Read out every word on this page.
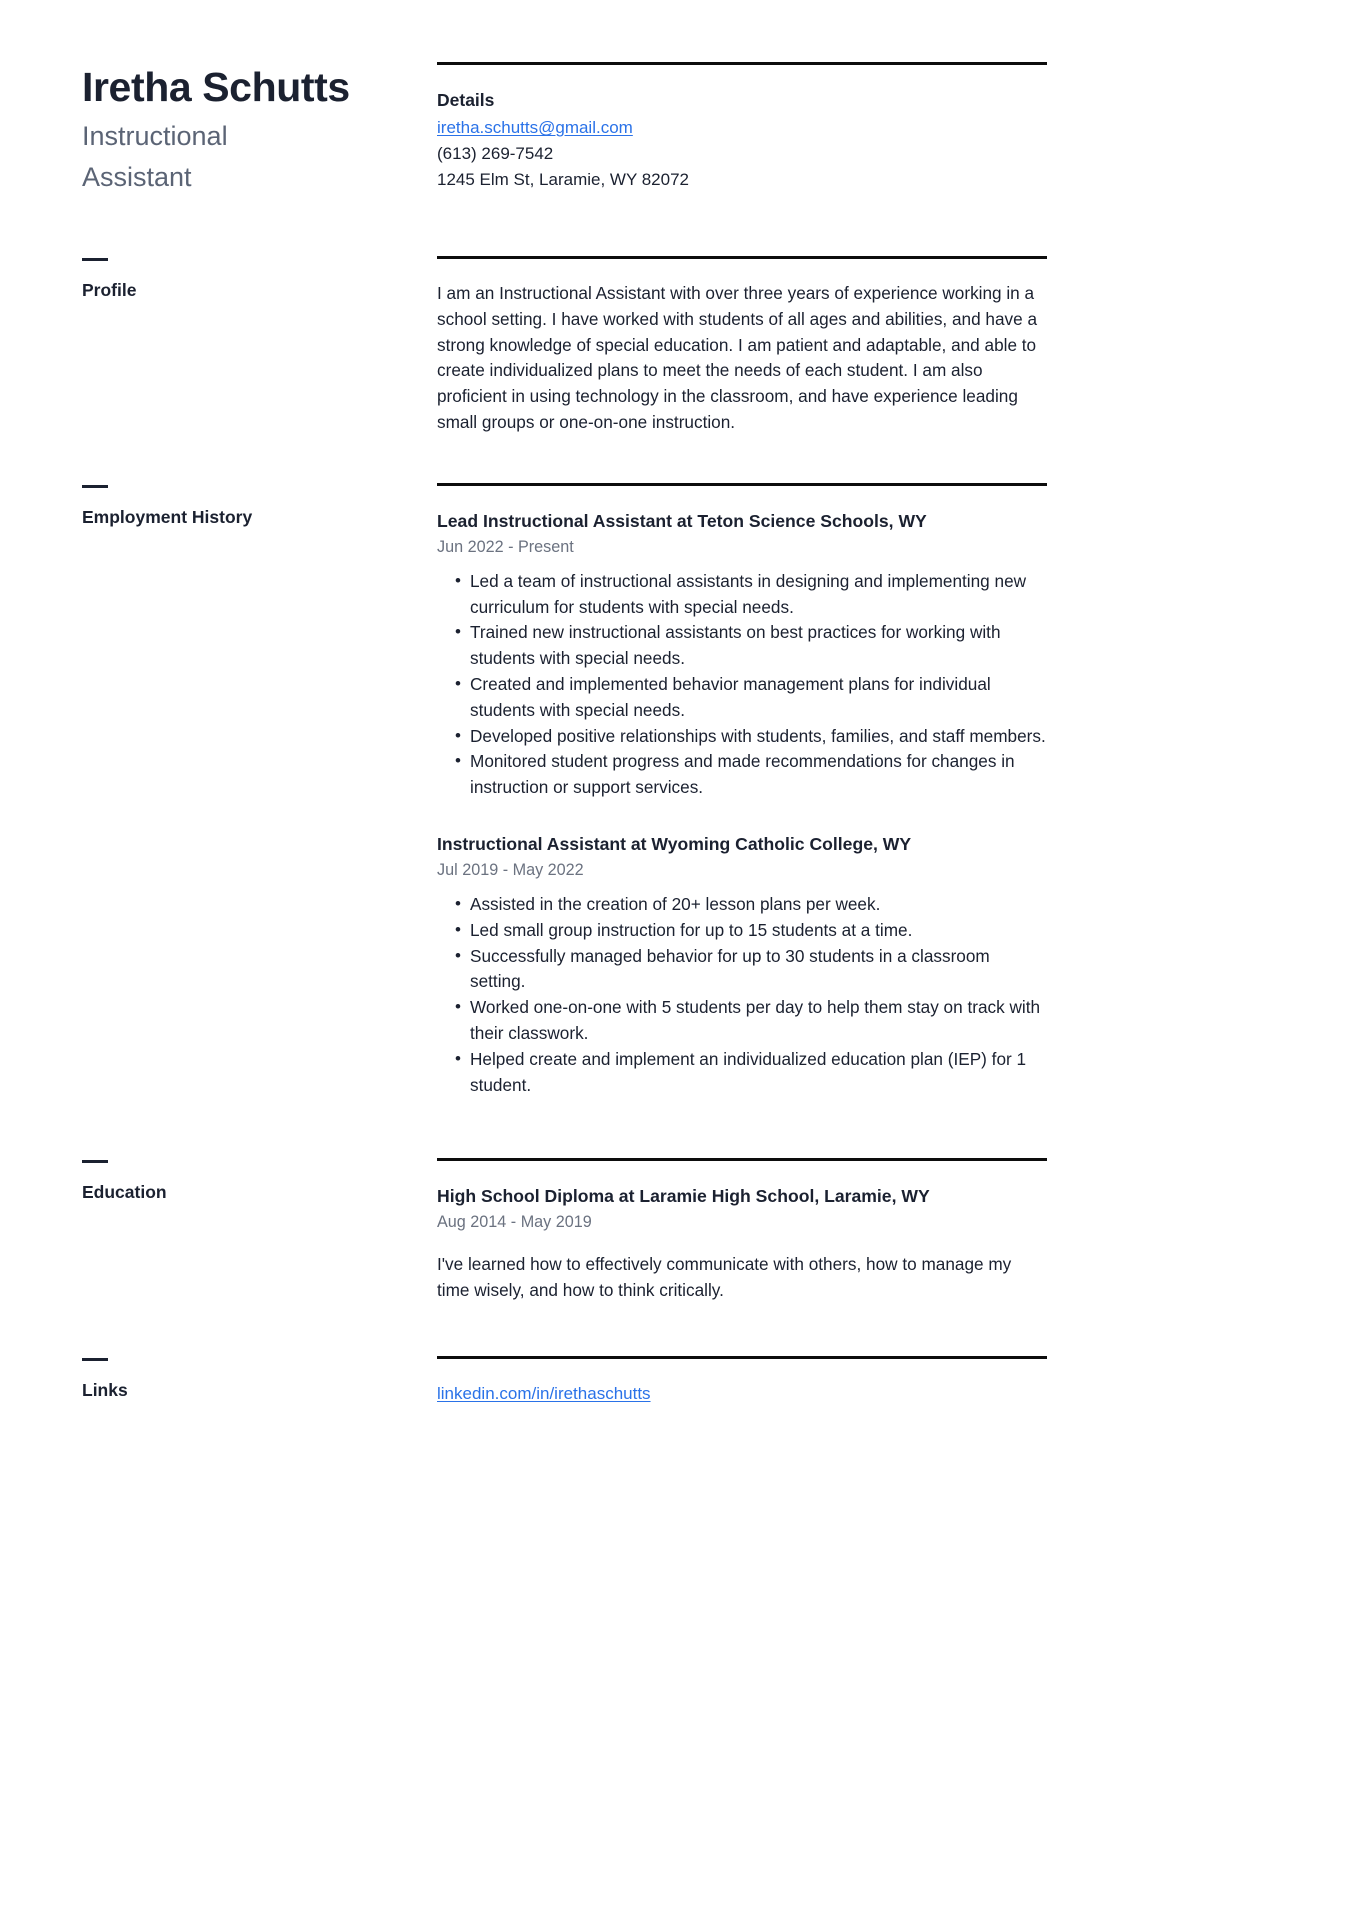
Iretha Schutts
Instructional Assistant
Details
iretha.schutts@gmail.com
(613) 269-7542
1245 Elm St, Laramie, WY 82072
Profile	I am an Instructional Assistant with over three years of experience working in a school setting. I have worked with students of all ages and abilities, and have a strong knowledge of special education. I am patient and adaptable, and able to create individualized plans to meet the needs of each student. I am also proficient in using technology in the classroom, and have experience leading small groups or one-on-one instruction.

Employment History	Lead Instructional Assistant at Teton Science Schools, WY
Jun 2022 - Present
• Led a team of instructional assistants in designing and implementing new curriculum for students with special needs.
• Trained new instructional assistants on best practices for working with students with special needs.
• Created and implemented behavior management plans for individual students with special needs.
• Developed positive relationships with students, families, and staff members.
• Monitored student progress and made recommendations for changes in instruction or support services.
Instructional Assistant at Wyoming Catholic College, WY
Jul 2019 - May 2022
• Assisted in the creation of 20+ lesson plans per week.
• Led small group instruction for up to 15 students at a time.
• Successfully managed behavior for up to 30 students in a classroom setting.
• Worked one-on-one with 5 students per day to help them stay on track with their classwork.
• Helped create and implement an individualized education plan (IEP) for 1 student.
Education	High School Diploma at Laramie High School, Laramie, WY
Aug 2014 - May 2019

I've learned how to effectively communicate with others, how to manage my time wisely, and how to think critically.

Links	linkedin.com/in/irethaschutts
